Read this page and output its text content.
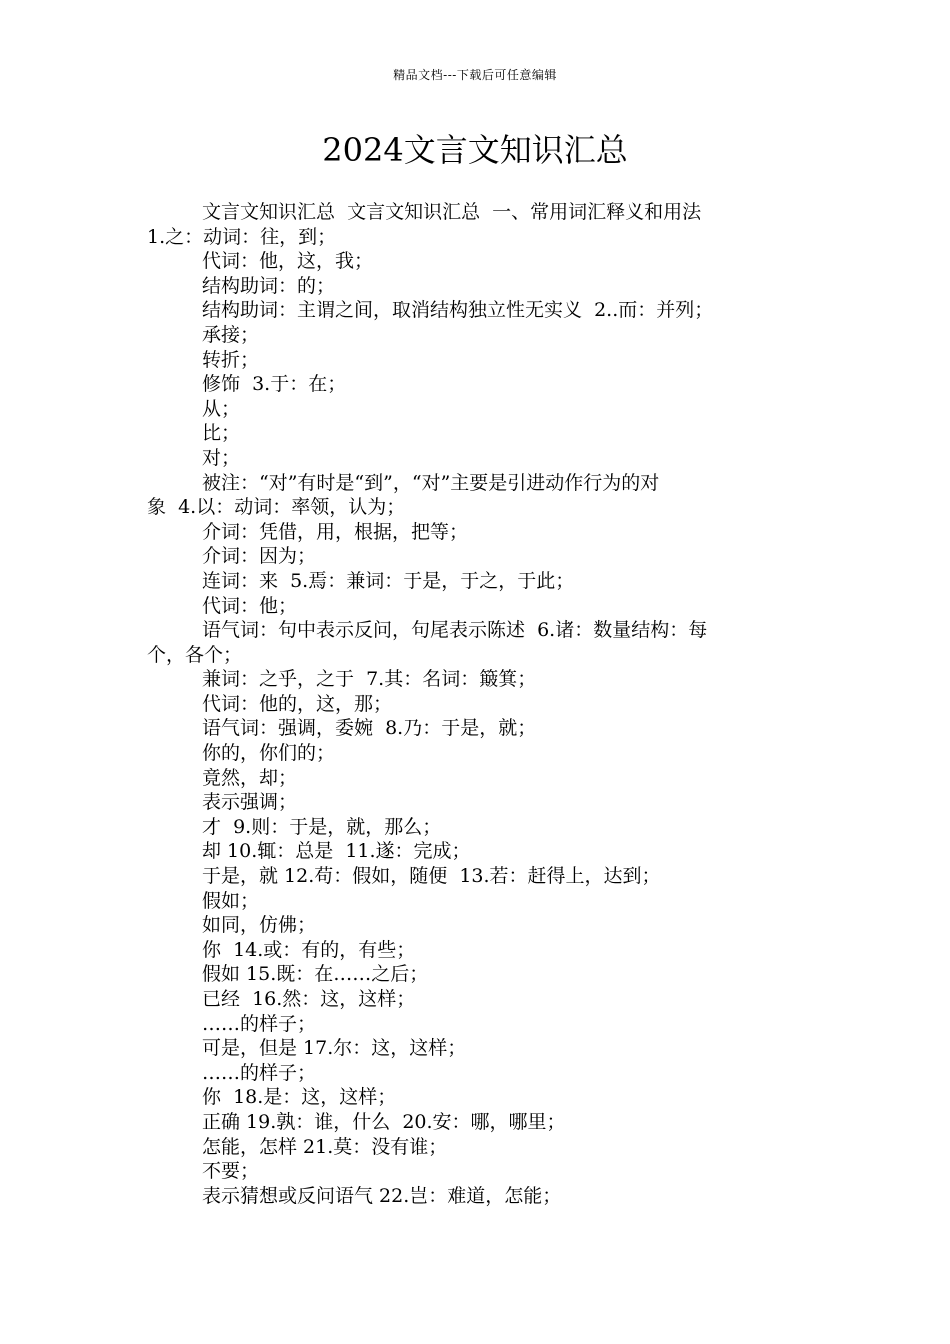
精品文档---下载后可任意编辑
2024文言文知识汇总
文言文知识汇总  文言文知识汇总  一、常用词汇释义和用法
1.之：动词：往，到；
代词：他，这，我；
结构助词：的；
结构助词：主谓之间，取消结构独立性无实义  2..而：并列；
承接；
转折；
修饰  3.于：在；
从；
比；
对；
被注：“对”有时是“到”，“对”主要是引进动作行为的对
象  4.以：动词：率领，认为；
介词：凭借，用，根据，把等；
介词：因为；
连词：来  5.焉：兼词：于是，于之，于此；
代词：他；
语气词：句中表示反问，句尾表示陈述  6.诸：数量结构：每
个，各个；
兼词：之乎，之于  7.其：名词：簸箕；
代词：他的，这，那；
语气词：强调，委婉  8.乃：于是，就；
你的，你们的；
竟然，却；
表示强调；
才  9.则：于是，就，那么；
却 10.辄：总是  11.遂：完成；
于是，就 12.苟：假如，随便  13.若：赶得上，达到；
假如；
如同，仿佛；
你  14.或：有的，有些；
假如 15.既：在……之后；
已经  16.然：这，这样；
……的样子；
可是，但是 17.尔：这，这样；
……的样子；
你  18.是：这，这样；
正确 19.孰：谁，什么  20.安：哪，哪里；
怎能，怎样 21.莫：没有谁；
不要；
表示猜想或反问语气 22.岂：难道，怎能；
